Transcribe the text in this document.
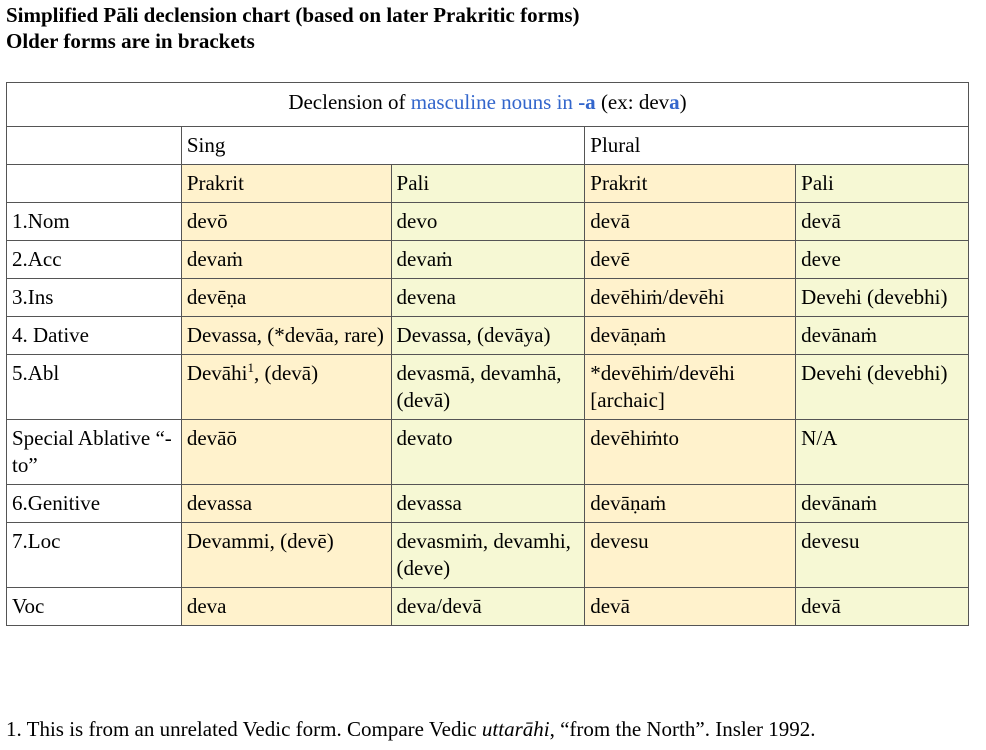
Simplified Pāli declension chart (based on later Prakritic forms)
Older forms are in brackets
Declension of masculine nouns in -a (ex: deva)				
	Sing		Plural	
	Prakrit	Pali	Prakrit	Pali
1.Nom	devō	devo	devā	devā
2.Acc	devaṁ	devaṁ	devē	deve
3.Ins	devēṇa	devena	devēhiṁ/devēhi	Devehi (devebhi)
4. Dative	Devassa, (*devāa, rare)	Devassa, (devāya)	devāṇaṁ	devānaṁ
5.Abl	Devāhi$^1$, (devā)	devasmā, devamhā, (devā)	*devēhiṁ/devēhi [archaic]	Devehi (devebhi)
Special Ablative “-to”	devāō	devato	devēhiṁto	N/A
6.Genitive	devassa	devassa	devāṇaṁ	devānaṁ
7.Loc	Devammi, (devē)	devasmiṁ, devamhi, (deve)	devesu	devesu
Voc	deva	deva/devā	devā	devā
1. This is from an unrelated Vedic form. Compare Vedic uttarāhi, “from the North”. Insler 1992.
